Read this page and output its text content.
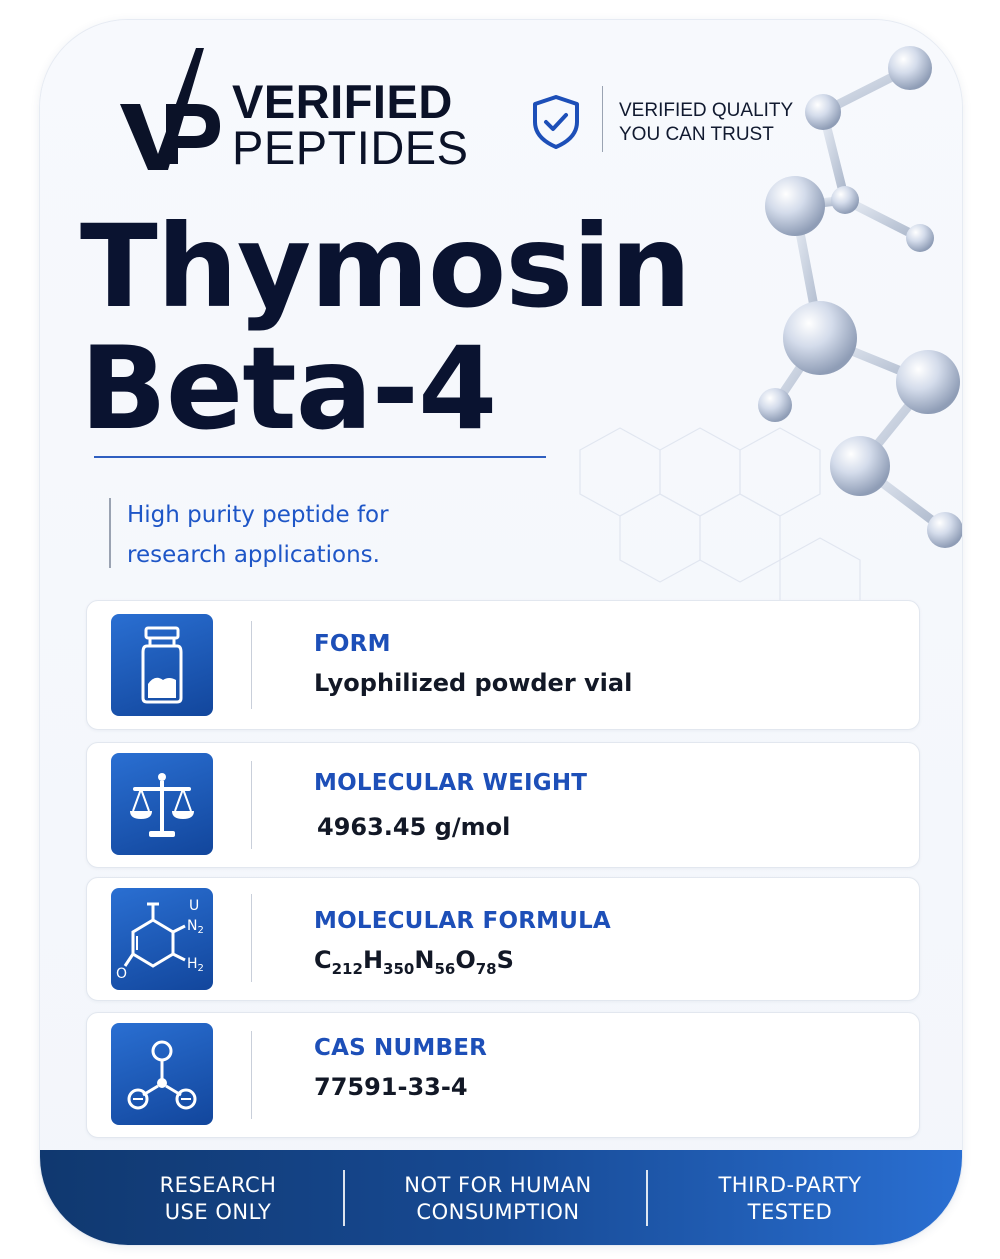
VERIFIED
PEPTIDES
VERIFIED QUALITY
YOU CAN TRUST
Thymosin
Beta-4
High purity peptide for
research applications.
FORM
Lyophilized powder vial
MOLECULAR WEIGHT
4963.45 g/mol
U
$N_2$
$H_2$
O
MOLECULAR FORMULA
$C_{212}H_{350}N_{56}O_{78}S$
CAS NUMBER
77591-33-4
RESEARCH
USE ONLY
NOT FOR HUMAN
CONSUMPTION
THIRD-PARTY
TESTED
